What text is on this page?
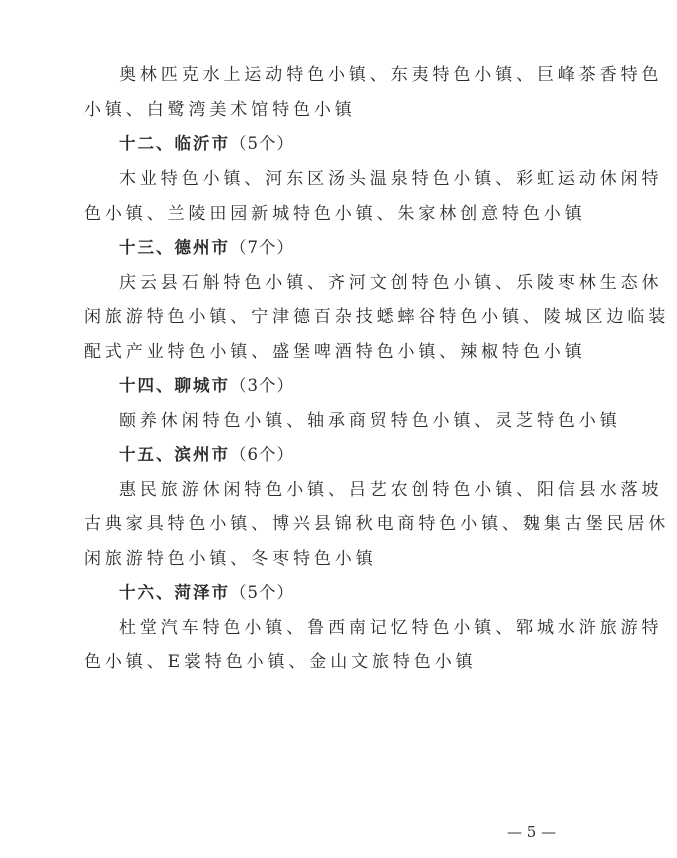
奥林匹克水上运动特色小镇、东夷特色小镇、巨峰茶香特色
小镇、白鹭湾美术馆特色小镇
十二、临沂市（5个）
木业特色小镇、河东区汤头温泉特色小镇、彩虹运动休闲特
色小镇、兰陵田园新城特色小镇、朱家林创意特色小镇
十三、德州市（7个）
庆云县石斛特色小镇、齐河文创特色小镇、乐陵枣林生态休
闲旅游特色小镇、宁津德百杂技蟋蟀谷特色小镇、陵城区边临装
配式产业特色小镇、盛堡啤酒特色小镇、辣椒特色小镇
十四、聊城市（3个）
颐养休闲特色小镇、轴承商贸特色小镇、灵芝特色小镇
十五、滨州市（6个）
惠民旅游休闲特色小镇、吕艺农创特色小镇、阳信县水落坡
古典家具特色小镇、博兴县锦秋电商特色小镇、魏集古堡民居休
闲旅游特色小镇、冬枣特色小镇
十六、菏泽市（5个）
杜堂汽车特色小镇、鲁西南记忆特色小镇、郓城水浒旅游特
色小镇、E裳特色小镇、金山文旅特色小镇
— 5 —
